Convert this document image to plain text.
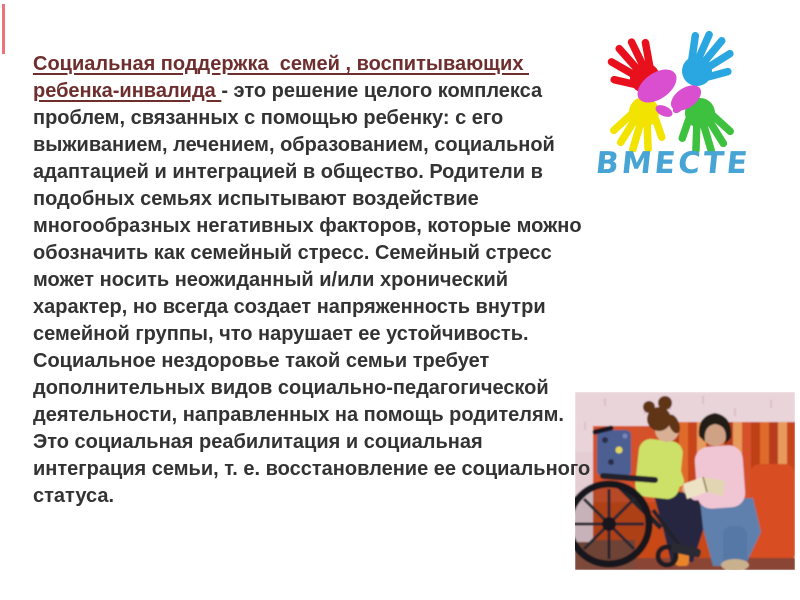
Социальная поддержка  семей , воспитывающих ребенка-инвалида - это решение целого комплекса проблем, связанных с помощью ребенку: с его выживанием, лечением, образованием, социальной адаптацией и интеграцией в общество. Родители в подобных семьях испытывают воздействие многообразных негативных факторов, которые можно обозначить как семейный стресс. Семейный стресс может носить неожиданный и/или хронический характер, но всегда создает напряженность внутри семейной группы, что нарушает ее устойчивость. Социальное нездоровье такой семьи требует дополнительных видов социально-педагогической деятельности, направленных на помощь родителям. Это социальная реабилитация и социальная интеграция семьи, т. е. восстановление ее социального статуса.
ВМЕСТЕ
